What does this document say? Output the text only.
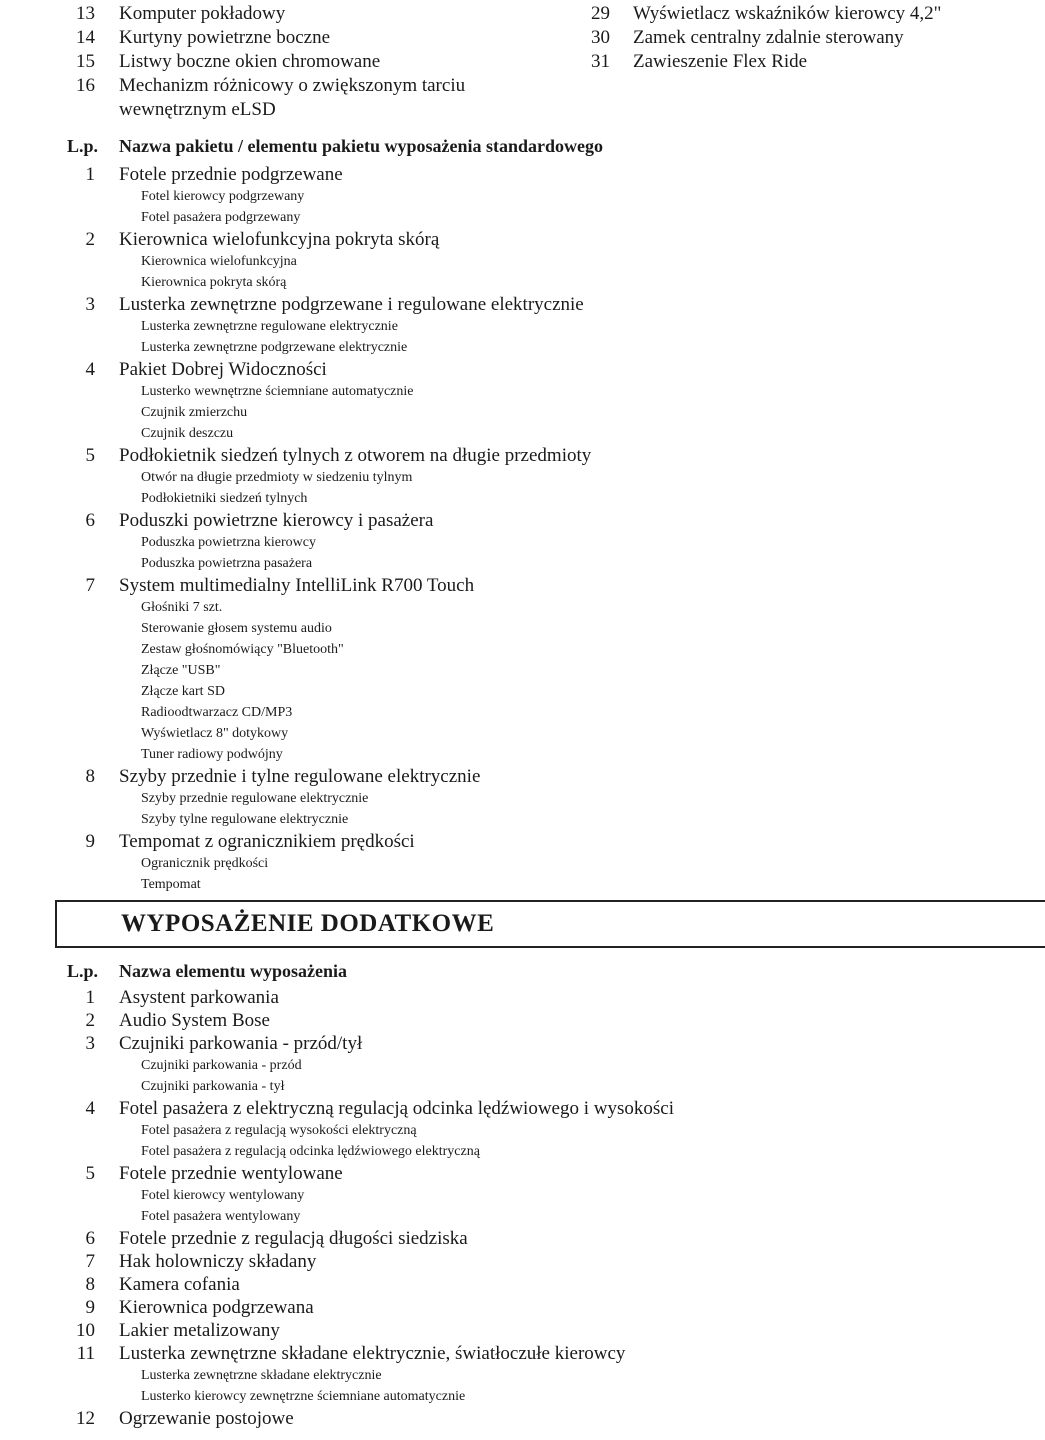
13 Komputer pokładowy
14 Kurtyny powietrzne boczne
15 Listwy boczne okien chromowane
16 Mechanizm różnicowy o zwiększonym tarciu wewnętrznym eLSD
29 Wyświetlacz wskaźników kierowcy 4,2"
30 Zamek centralny zdalnie sterowany
31 Zawieszenie Flex Ride
L.p. Nazwa pakietu / elementu pakietu wyposażenia standardowego
1 Fotele przednie podgrzewane
Fotel kierowcy podgrzewany
Fotel pasażera podgrzewany
2 Kierownica wielofunkcyjna pokryta skórą
Kierownica wielofunkcyjna
Kierownica pokryta skórą
3 Lusterka zewnętrzne podgrzewane i regulowane elektrycznie
Lusterka zewnętrzne regulowane elektrycznie
Lusterka zewnętrzne podgrzewane elektrycznie
4 Pakiet Dobrej Widoczności
Lusterko wewnętrzne ściemniane automatycznie
Czujnik zmierzchu
Czujnik deszczu
5 Podłokietnik siedzeń tylnych z otworem na długie przedmioty
Otwór na długie przedmioty w siedzeniu tylnym
Podłokietniki siedzeń tylnych
6 Poduszki powietrzne kierowcy i pasażera
Poduszka powietrzna kierowcy
Poduszka powietrzna pasażera
7 System multimedialny IntelliLink R700 Touch
Głośniki 7 szt.
Sterowanie głosem systemu audio
Zestaw głośnomówiący "Bluetooth"
Złącze "USB"
Złącze kart SD
Radioodtwarzacz CD/MP3
Wyświetlacz 8" dotykowy
Tuner radiowy podwójny
8 Szyby przednie i tylne regulowane elektrycznie
Szyby przednie regulowane elektrycznie
Szyby tylne regulowane elektrycznie
9 Tempomat z ogranicznikiem prędkości
Ogranicznik prędkości
Tempomat
WYPOSAŻENIE DODATKOWE
L.p. Nazwa elementu wyposażenia
1 Asystent parkowania
2 Audio System Bose
3 Czujniki parkowania - przód/tył
Czujniki parkowania - przód
Czujniki parkowania - tył
4 Fotel pasażera z elektryczną regulacją odcinka lędźwiowego i wysokości
Fotel pasażera z regulacją wysokości elektryczną
Fotel pasażera z regulacją odcinka lędźwiowego elektryczną
5 Fotele przednie wentylowane
Fotel kierowcy wentylowany
Fotel pasażera wentylowany
6 Fotele przednie z regulacją długości siedziska
7 Hak holowniczy składany
8 Kamera cofania
9 Kierownica podgrzewana
10 Lakier metalizowany
11 Lusterka zewnętrzne składane elektrycznie, światłoczułe kierowcy
Lusterka zewnętrzne składane elektrycznie
Lusterko kierowcy zewnętrzne ściemniane automatycznie
12 Ogrzewanie postojowe
